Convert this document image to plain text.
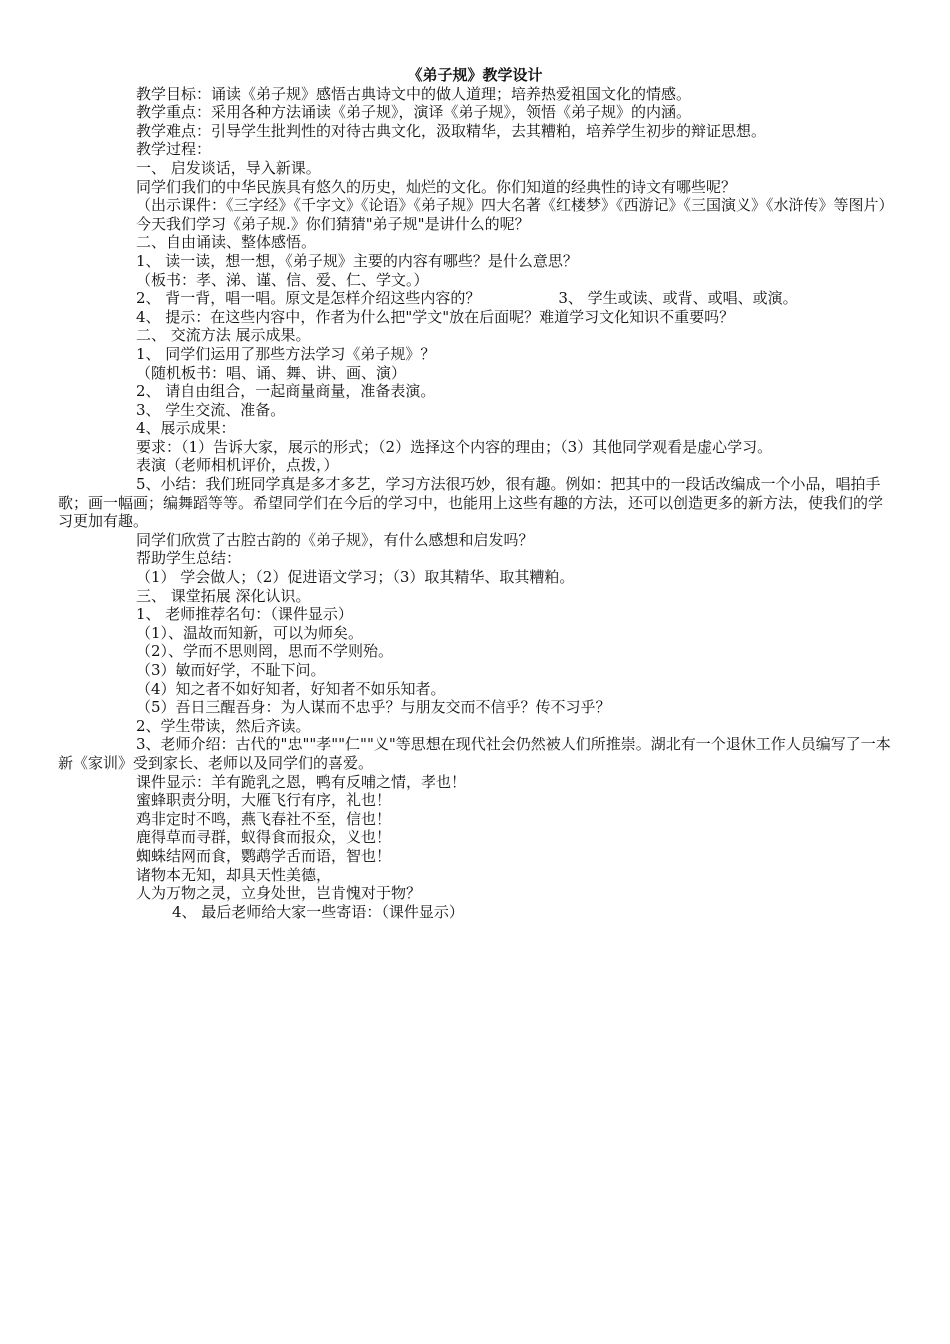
《弟子规》教学设计

教学目标：诵读《弟子规》感悟古典诗文中的做人道理；培养热爱祖国文化的情感。

教学重点：采用各种方法诵读《弟子规》，演译《弟子规》，领悟《弟子规》的内涵。

教学难点：引导学生批判性的对待古典文化，汲取精华，去其糟粕，培养学生初步的辩证思想。

教学过程：

一、 启发谈话，导入新课。

同学们我们的中华民族具有悠久的历史，灿烂的文化。你们知道的经典性的诗文有哪些呢？

（出示课件：《三字经》《千字文》《论语》《弟子规》四大名著《红楼梦》《西游记》《三国演义》《水浒传》等图片）

今天我们学习《弟子规.》你们猜猜"弟子规"是讲什么的呢？

二、自由诵读、整体感悟。

1、 读一读，想一想，《弟子规》主要的内容有哪些？是什么意思？

（板书：孝、涕、谨、信、爱、仁、学文。）

2、 背一背，唱一唱。原文是怎样介绍这些内容的？	3、 学生或读、或背、或唱、或演。

4、 提示：在这些内容中，作者为什么把"学文"放在后面呢？难道学习文化知识不重要吗？

二、 交流方法 展示成果。

1、 同学们运用了那些方法学习《弟子规》？

（随机板书：唱、诵、舞、讲、画、演）

2、 请自由组合，一起商量商量，准备表演。

3、 学生交流、准备。

4、展示成果：

要求：（1）告诉大家，展示的形式；（2）选择这个内容的理由；（3）其他同学观看是虚心学习。

表演（老师相机评价，点拨，）

5、小结：我们班同学真是多才多艺，学习方法很巧妙，很有趣。例如：把其中的一段话改编成一个小品，唱拍手歌；画一幅画；编舞蹈等等。希望同学们在今后的学习中，也能用上这些有趣的方法，还可以创造更多的新方法，使我们的学习更加有趣。

同学们欣赏了古腔古韵的《弟子规》，有什么感想和启发吗？

帮助学生总结：

（1） 学会做人；（2）促进语文学习；（3）取其精华、取其糟粕。

三、 课堂拓展 深化认识。

1、 老师推荐名句：（课件显示）

（1）、温故而知新，可以为师矣。

（2）、学而不思则罔，思而不学则殆。

（3）敏而好学，不耻下问。

（4）知之者不如好知者，好知者不如乐知者。

（5）吾日三醒吾身：为人谋而不忠乎？与朋友交而不信乎？传不习乎？

2、学生带读，然后齐读。

3、老师介绍：古代的"忠""孝""仁""义"等思想在现代社会仍然被人们所推崇。湖北有一个退休工作人员编写了一本新《家训》受到家长、老师以及同学们的喜爱。

课件显示：羊有跪乳之恩，鸭有反哺之情，孝也！

蜜蜂职责分明，大雁飞行有序，礼也！

鸡非定时不鸣，燕飞春社不至，信也！

鹿得草而寻群，蚁得食而报众，义也！

蜘蛛结网而食，鹦鹉学舌而语，智也！

诸物本无知，却具天性美德，

人为万物之灵，立身处世，岂肯愧对于物？

4、 最后老师给大家一些寄语：（课件显示）
